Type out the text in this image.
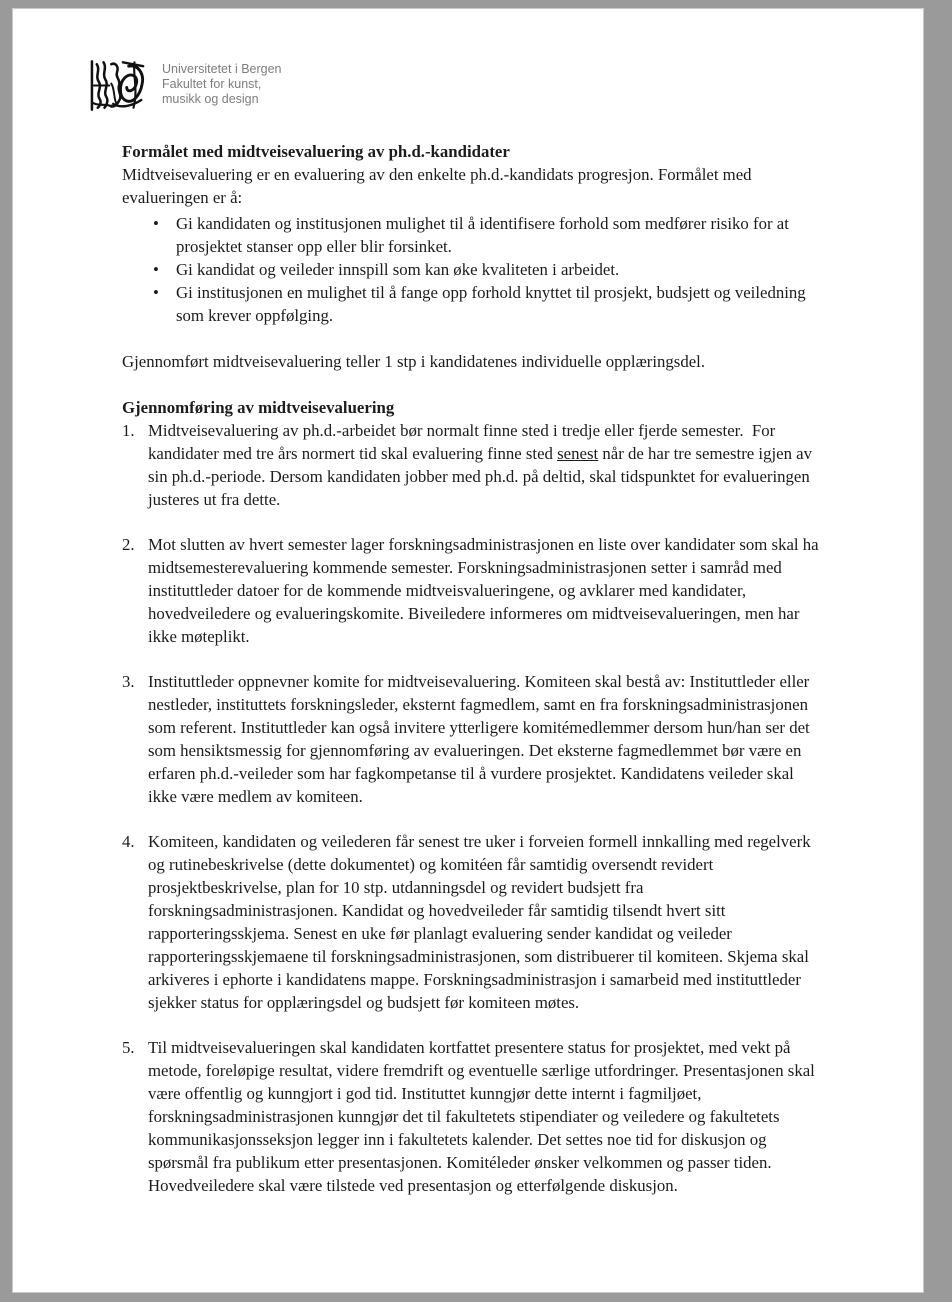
Universitetet i Bergen
Fakultet for kunst,
musikk og design

Formålet med midtveisevaluering av ph.d.-kandidater

Midtveisevaluering er en evaluering av den enkelte ph.d.-kandidats progresjon. Formålet med evalueringen er å:

• Gi kandidaten og institusjonen mulighet til å identifisere forhold som medfører risiko for at prosjektet stanser opp eller blir forsinket.
• Gi kandidat og veileder innspill som kan øke kvaliteten i arbeidet.
• Gi institusjonen en mulighet til å fange opp forhold knyttet til prosjekt, budsjett og veiledning som krever oppfølging.

Gjennomført midtveisevaluering teller 1 stp i kandidatenes individuelle opplæringsdel.

Gjennomføring av midtveisevaluering

1. Midtveisevaluering av ph.d.-arbeidet bør normalt finne sted i tredje eller fjerde semester.  For kandidater med tre års normert tid skal evaluering finne sted senest når de har tre semestre igjen av sin ph.d.-periode. Dersom kandidaten jobber med ph.d. på deltid, skal tidspunktet for evalueringen justeres ut fra dette.
2. Mot slutten av hvert semester lager forskningsadministrasjonen en liste over kandidater som skal ha midtsemesterevaluering kommende semester. Forskningsadministrasjonen setter i samråd med instituttleder datoer for de kommende midtveisvalueringene, og avklarer med kandidater, hovedveiledere og evalueringskomite. Biveiledere informeres om midtveisevalueringen, men har ikke møteplikt.
3. Instituttleder oppnevner komite for midtveisevaluering. Komiteen skal bestå av: Instituttleder eller nestleder, instituttets forskningsleder, eksternt fagmedlem, samt en fra forskningsadministrasjonen som referent. Instituttleder kan også invitere ytterligere komitémedlemmer dersom hun/han ser det som hensiktsmessig for gjennomføring av evalueringen. Det eksterne fagmedlemmet bør være en erfaren ph.d.-veileder som har fagkompetanse til å vurdere prosjektet. Kandidatens veileder skal ikke være medlem av komiteen.
4. Komiteen, kandidaten og veilederen får senest tre uker i forveien formell innkalling med regelverk og rutinebeskrivelse (dette dokumentet) og komitéen får samtidig oversendt revidert prosjektbeskrivelse, plan for 10 stp. utdanningsdel og revidert budsjett fra forskningsadministrasjonen. Kandidat og hovedveileder får samtidig tilsendt hvert sitt rapporteringsskjema. Senest en uke før planlagt evaluering sender kandidat og veileder rapporteringsskjemaene til forskningsadministrasjonen, som distribuerer til komiteen. Skjema skal arkiveres i ephorte i kandidatens mappe. Forskningsadministrasjon i samarbeid med instituttleder sjekker status for opplæringsdel og budsjett før komiteen møtes.
5. Til midtveisevalueringen skal kandidaten kortfattet presentere status for prosjektet, med vekt på metode, foreløpige resultat, videre fremdrift og eventuelle særlige utfordringer. Presentasjonen skal være offentlig og kunngjort i god tid. Instituttet kunngjør dette internt i fagmiljøet, forskningsadministrasjonen kunngjør det til fakultetets stipendiater og veiledere og fakultetets kommunikasjonsseksjon legger inn i fakultetets kalender. Det settes noe tid for diskusjon og spørsmål fra publikum etter presentasjonen. Komitéleder ønsker velkommen og passer tiden. Hovedveiledere skal være tilstede ved presentasjon og etterfølgende diskusjon.
